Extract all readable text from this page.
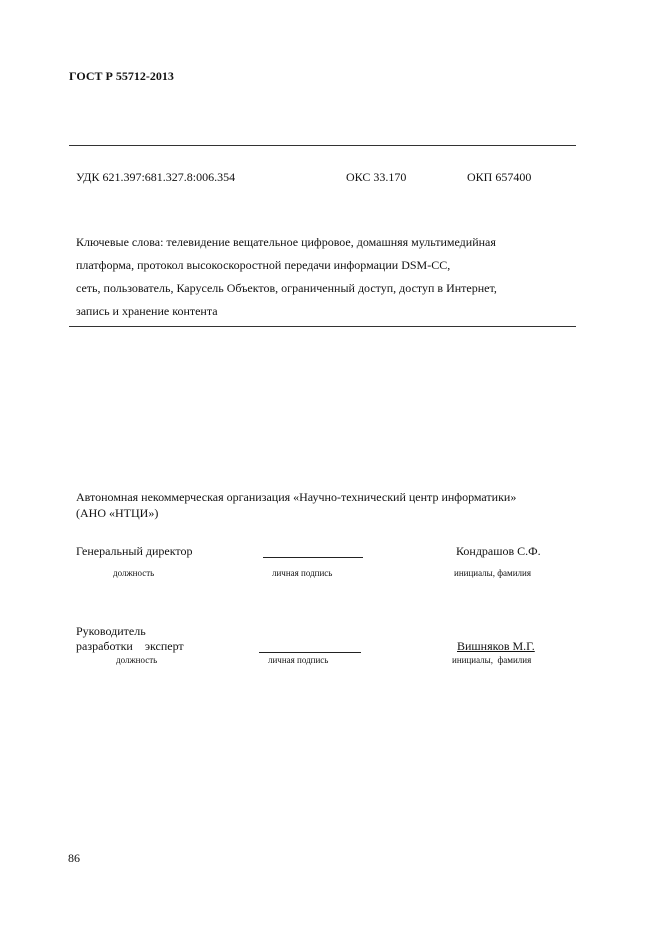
ГОСТ Р 55712-2013
УДК 621.397:681.327.8:006.354	ОКС 33.170	ОКП 657400
Ключевые слова: телевидение вещательное цифровое, домашняя мультимедийная
платформа, протокол высокоскоростной передачи информации DSM-CC,
сеть, пользователь, Карусель Объектов, ограниченный доступ, доступ в Интернет,
запись и хранение контента
Автономная некоммерческая организация «Научно-технический центр информатики»
(АНО «НТЦИ»)
Генеральный директор	Кондрашов С.Ф.
должность	личная подпись	инициалы, фамилия
Руководитель
разработки    эксперт	Вишняков М.Г.
должность	личная подпись	инициалы,  фамилия
86
